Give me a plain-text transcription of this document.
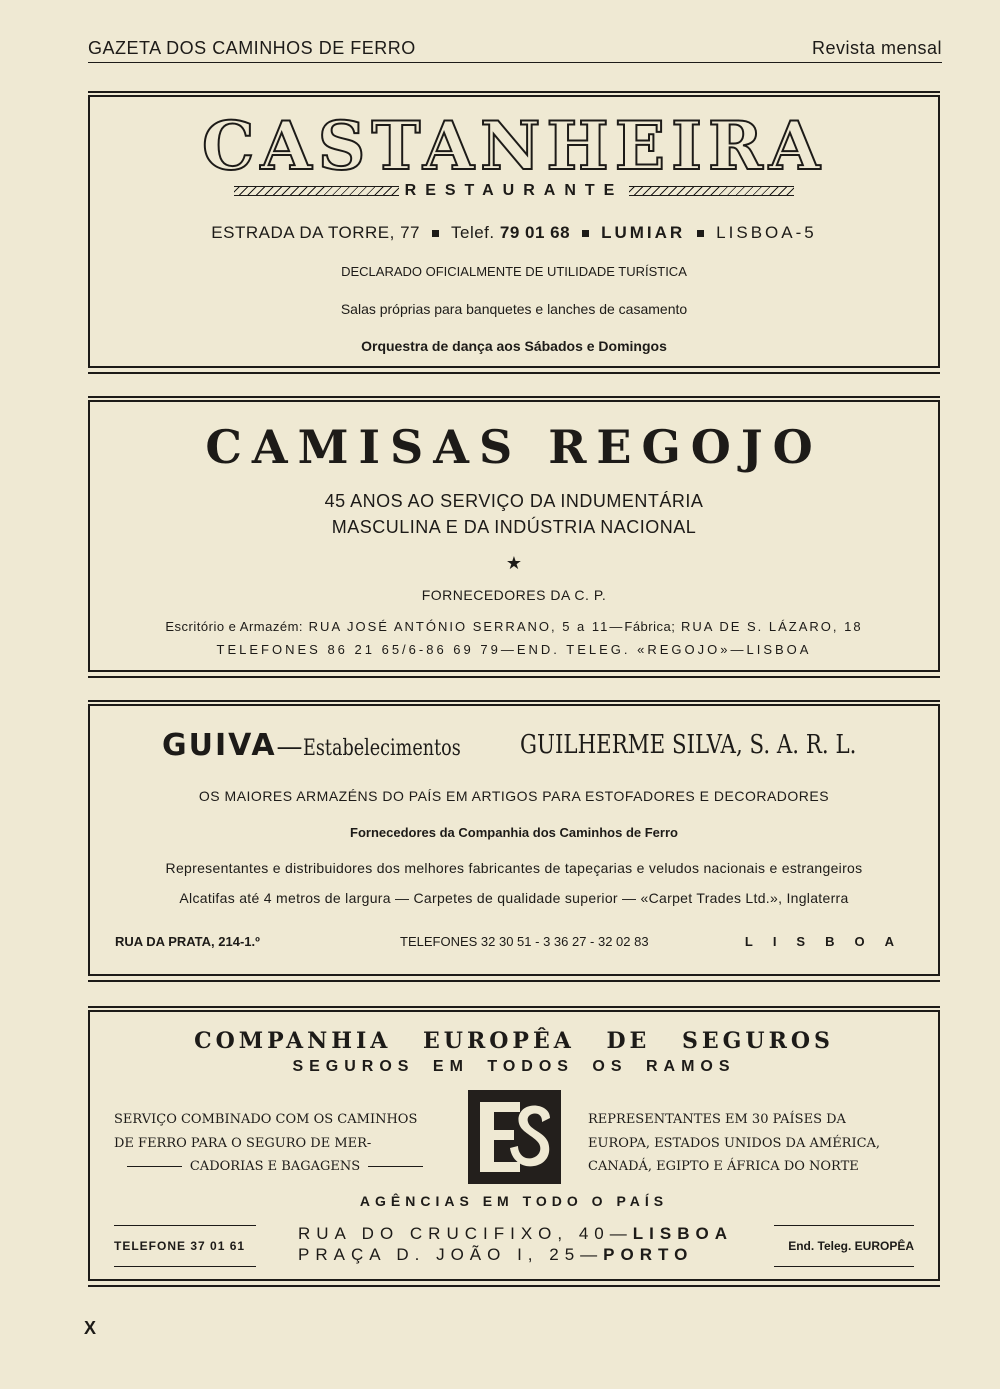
GAZETA DOS CAMINHOS DE FERRO	Revista mensal
CASTANHEIRA
RESTAURANTE
ESTRADA DA TORRE, 77 Telef. 79 01 68 LUMIAR LISBOA-5
DECLARADO OFICIALMENTE DE UTILIDADE TURÍSTICA
Salas próprias para banquetes e lanches de casamento
Orquestra de dança aos Sábados e Domingos
CAMISAS REGOJO
45 ANOS AO SERVIÇO DA INDUMENTÁRIA
MASCULINA E DA INDÚSTRIA NACIONAL
★
FORNECEDORES DA C. P.
Escritório e Armazém: RUA JOSÉ ANTÓNIO SERRANO, 5 a 11—Fábrica; RUA DE S. LÁZARO, 18
TELEFONES 86 21 65/6-86 69 79—END. TELEG. «REGOJO»—LISBOA
GUIVA—Estabelecimentos	GUILHERME SILVA, S. A. R. L.
OS MAIORES ARMAZÉNS DO PAÍS EM ARTIGOS PARA ESTOFADORES E DECORADORES
Fornecedores da Companhia dos Caminhos de Ferro
Representantes e distribuidores dos melhores fabricantes de tapeçarias e veludos nacionais e estrangeiros
Alcatifas até 4 metros de largura — Carpetes de qualidade superior — «Carpet Trades Ltd.», Inglaterra
RUA DA PRATA, 214-1.º	TELEFONES 32 30 51 - 3 36 27 - 32 02 83	LISBOA
COMPANHIA EUROPÊA DE SEGUROS
SEGUROS EM TODOS OS RAMOS
SERVIÇO COMBINADO COM OS CAMINHOS
DE FERRO PARA O SEGURO DE MER-
CADORIAS E BAGAGENS
REPRESENTANTES EM 30 PAÍSES DA
EUROPA, ESTADOS UNIDOS DA AMÉRICA,
CANADÁ, EGIPTO E ÁFRICA DO NORTE
AGÊNCIAS EM TODO O PAÍS
TELEFONE 37 01 61
RUA DO CRUCIFIXO, 40—LISBOA
PRAÇA D. JOÃO I, 25—PORTO	End. Teleg. EUROPÊA
X
